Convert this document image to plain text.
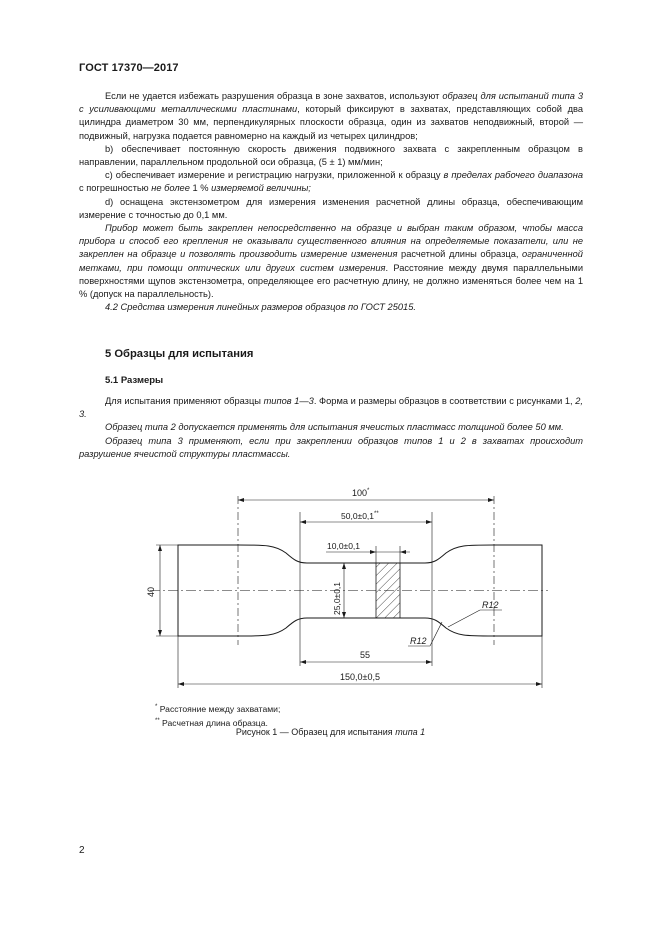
ГОСТ 17370—2017

Если не удается избежать разрушения образца в зоне захватов, используют образец для испытаний типа 3 с усиливающими металлическими пластинами, который фиксируют в захватах, представляющих собой два цилиндра диаметром 30 мм, перпендикулярных плоскости образца, один из захватов неподвижный, второй — подвижный, нагрузка подается равномерно на каждый из четырех цилиндров;

b) обеспечивает постоянную скорость движения подвижного захвата с закрепленным образцом в направлении, параллельном продольной оси образца, (5 ± 1) мм/мин;

c) обеспечивает измерение и регистрацию нагрузки, приложенной к образцу в пределах рабочего диапазона с погрешностью не более 1 % измеряемой величины;

d) оснащена экстензометром для измерения изменения расчетной длины образца, обеспечивающим измерение с точностью до 0,1 мм.

Прибор может быть закреплен непосредственно на образце и выбран таким образом, чтобы масса прибора и способ его крепления не оказывали существенного влияния на определяемые показатели, или не закреплен на образце и позволять производить измерение изменения расчетной длины образца, ограниченной метками, при помощи оптических или других систем измерения. Расстояние между двумя параллельными поверхностями щупов экстензометра, определяющее его расчетную длину, не должно изменяться более чем на 1 % (допуск на параллельность).

4.2 Средства измерения линейных размеров образцов по ГОСТ 25015.

5 Образцы для испытания
5.1 Размеры

Для испытания применяют образцы типов 1—3. Форма и размеры образцов в соответствии с рисунками 1, 2, 3.

Образец типа 2 допускается применять для испытания ячеистых пластмасс толщиной более 50 мм.

Образец типа 3 применяют, если при закреплении образцов типов 1 и 2 в захватах происходит разрушение ячеистой структуры пластмассы.

100*
50,0±0,1**
10,0±0,1
25,0±0,1
40
R12
R12
55
150,0±0,5
* Расстояние между захватами;
** Расчетная длина образца.
Рисунок 1 — Образец для испытания типа 1
2
